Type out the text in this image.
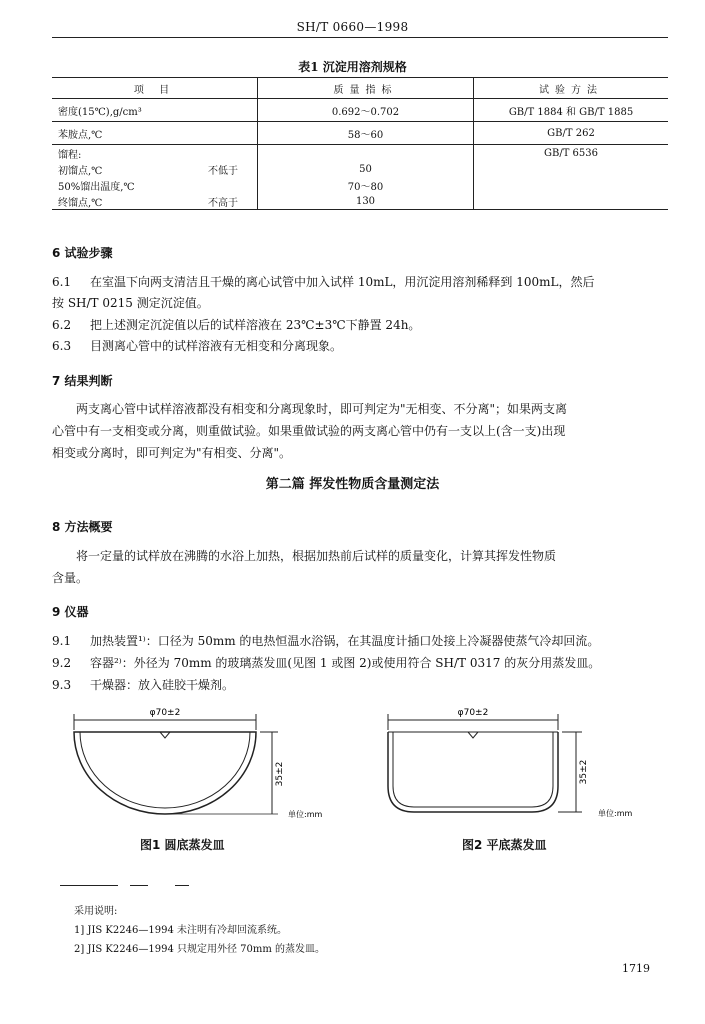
SH/T 0660—1998
表1 沉淀用溶剂规格
项 目	质量指标	试验方法
密度(15℃),g/cm³	0.692～0.702	GB/T 1884 和 GB/T 1885
苯胺点,℃	58～60	GB/T 262
馏程:		GB/T 6536
初馏点,℃ 不低于	50	
50%馏出温度,℃	70～80	
终馏点,℃ 不高于	130	
6 试验步骤
6.1 在室温下向两支清洁且干燥的离心试管中加入试样 10mL，用沉淀用溶剂稀释到 100mL，然后
按 SH/T 0215 测定沉淀值。
6.2 把上述测定沉淀值以后的试样溶液在 23℃±3℃下静置 24h。
6.3 目测离心管中的试样溶液有无相变和分离现象。
7 结果判断
两支离心管中试样溶液都没有相变和分离现象时，即可判定为"无相变、不分离"；如果两支离
心管中有一支相变或分离，则重做试验。如果重做试验的两支离心管中仍有一支以上(含一支)出现
相变或分离时，即可判定为"有相变、分离"。
第二篇 挥发性物质含量测定法
8 方法概要
将一定量的试样放在沸腾的水浴上加热，根据加热前后试样的质量变化，计算其挥发性物质
含量。
9 仪器
9.1 加热装置¹⁾：口径为 50mm 的电热恒温水浴锅，在其温度计插口处接上冷凝器使蒸气冷却回流。
9.2 容器²⁾：外径为 70mm 的玻璃蒸发皿(见图 1 或图 2)或使用符合 SH/T 0317 的灰分用蒸发皿。
9.3 干燥器：放入硅胶干燥剂。
φ70±2
35±2
单位:mm
图1 圆底蒸发皿
φ70±2
35±2
单位:mm
图2 平底蒸发皿
采用说明:
1] JIS K2246—1994 未注明有冷却回流系统。
2] JIS K2246—1994 只规定用外径 70mm 的蒸发皿。
1719
